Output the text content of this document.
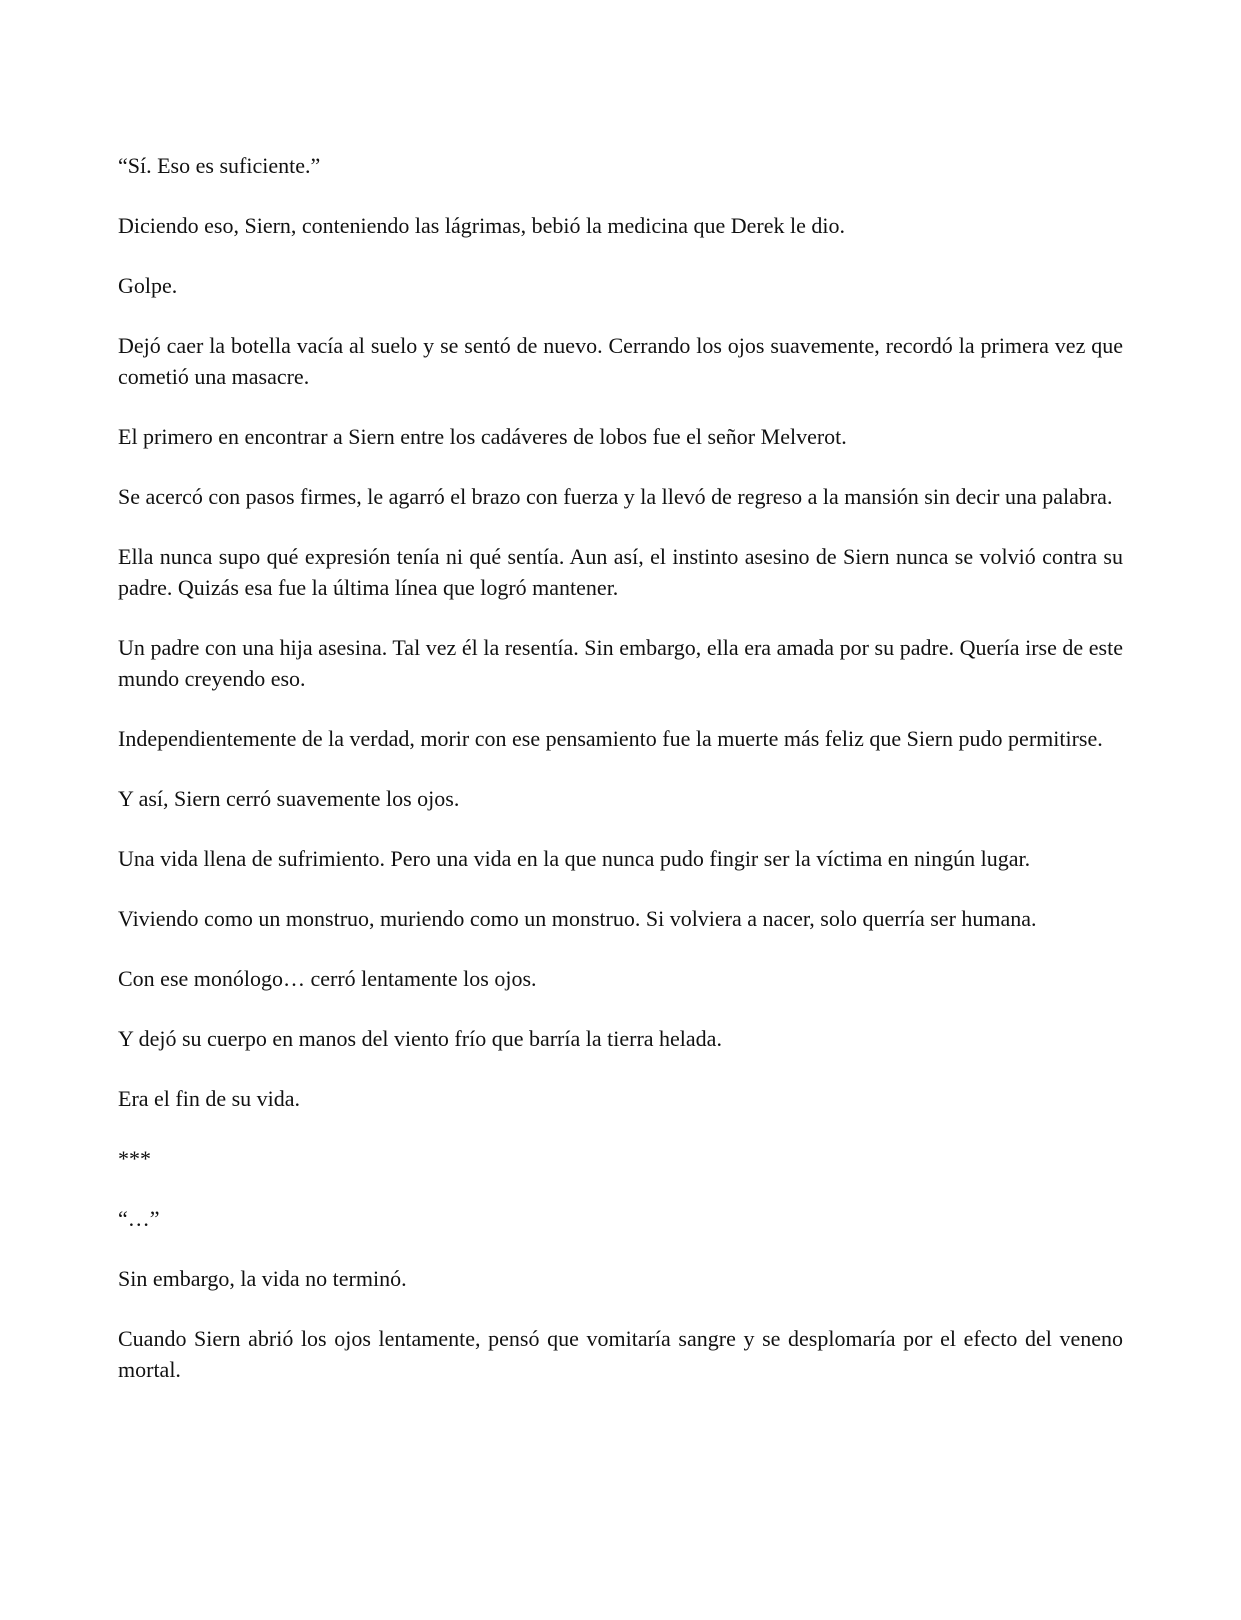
“Sí. Eso es suficiente.”

Diciendo eso, Siern, conteniendo las lágrimas, bebió la medicina que Derek le dio.

Golpe.

Dejó caer la botella vacía al suelo y se sentó de nuevo. Cerrando los ojos suavemente, recordó la primera vez que cometió una masacre.

El primero en encontrar a Siern entre los cadáveres de lobos fue el señor Melverot.

Se acercó con pasos firmes, le agarró el brazo con fuerza y la llevó de regreso a la mansión sin decir una palabra.

Ella nunca supo qué expresión tenía ni qué sentía. Aun así, el instinto asesino de Siern nunca se volvió contra su padre. Quizás esa fue la última línea que logró mantener.

Un padre con una hija asesina. Tal vez él la resentía. Sin embargo, ella era amada por su padre. Quería irse de este mundo creyendo eso.

Independientemente de la verdad, morir con ese pensamiento fue la muerte más feliz que Siern pudo permitirse.

Y así, Siern cerró suavemente los ojos.

Una vida llena de sufrimiento. Pero una vida en la que nunca pudo fingir ser la víctima en ningún lugar.

Viviendo como un monstruo, muriendo como un monstruo. Si volviera a nacer, solo querría ser humana.

Con ese monólogo… cerró lentamente los ojos.

Y dejó su cuerpo en manos del viento frío que barría la tierra helada.

Era el fin de su vida.

***

“…”

Sin embargo, la vida no terminó.

Cuando Siern abrió los ojos lentamente, pensó que vomitaría sangre y se desplomaría por el efecto del veneno mortal.
